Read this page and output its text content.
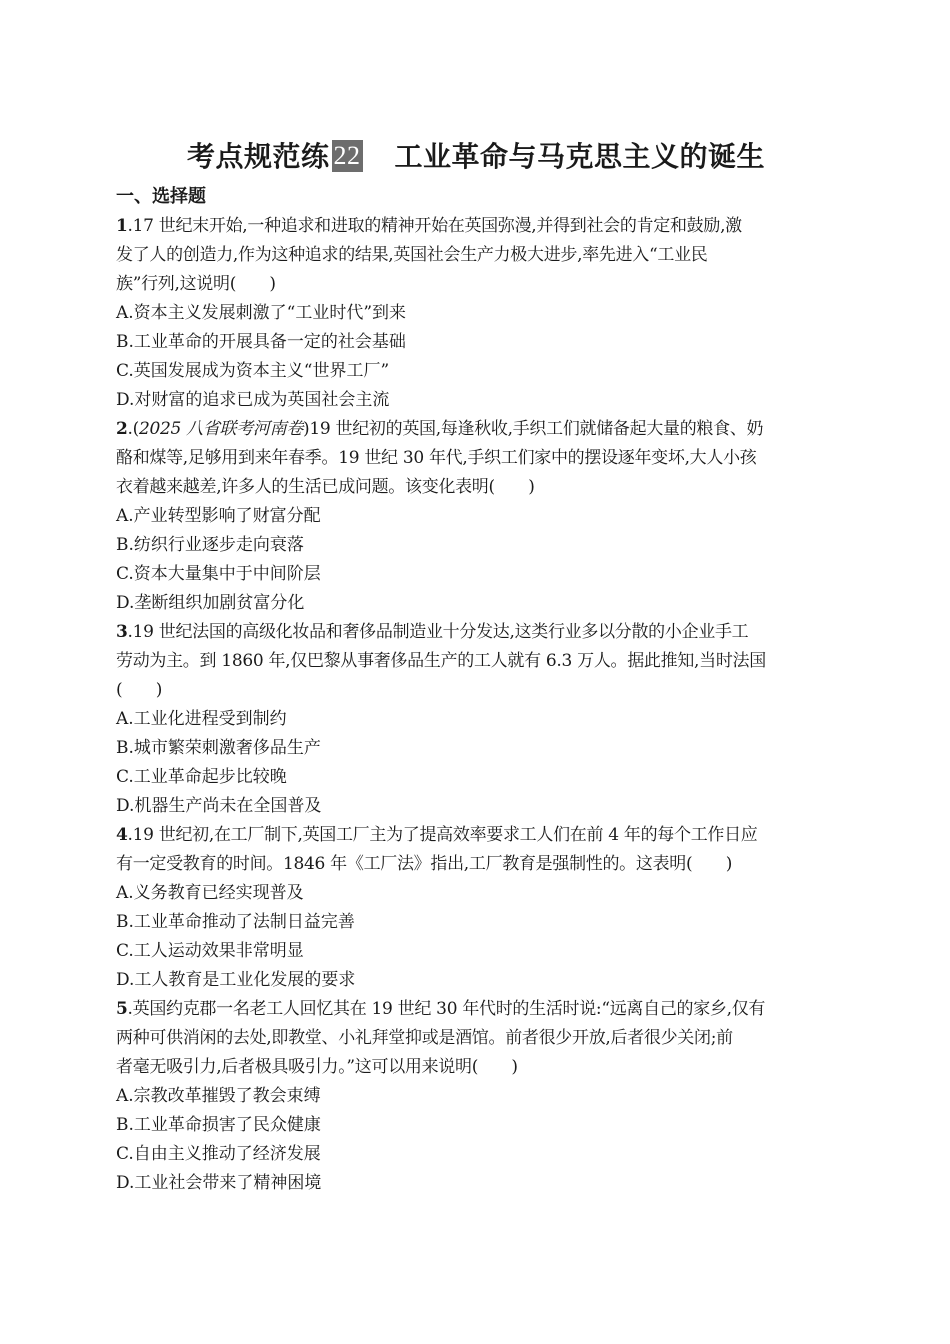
考点规范练 22 工业革命与马克思主义的诞生
一、选择题
1.17 世纪末开始,一种追求和进取的精神开始在英国弥漫,并得到社会的肯定和鼓励,激
发了人的创造力,作为这种追求的结果,英国社会生产力极大进步,率先进入“工业民
族”行列,这说明(　　)
A.资本主义发展刺激了“工业时代”到来
B.工业革命的开展具备一定的社会基础
C.英国发展成为资本主义“世界工厂”
D.对财富的追求已成为英国社会主流
2.(2025 八省联考河南卷)19 世纪初的英国,每逢秋收,手织工们就储备起大量的粮食、奶
酪和煤等,足够用到来年春季。19 世纪 30 年代,手织工们家中的摆设逐年变坏,大人小孩
衣着越来越差,许多人的生活已成问题。该变化表明(　　)
A.产业转型影响了财富分配
B.纺织行业逐步走向衰落
C.资本大量集中于中间阶层
D.垄断组织加剧贫富分化
3.19 世纪法国的高级化妆品和奢侈品制造业十分发达,这类行业多以分散的小企业手工
劳动为主。到 1860 年,仅巴黎从事奢侈品生产的工人就有 6.3 万人。据此推知,当时法国
(　　)
A.工业化进程受到制约
B.城市繁荣刺激奢侈品生产
C.工业革命起步比较晚
D.机器生产尚未在全国普及
4.19 世纪初,在工厂制下,英国工厂主为了提高效率要求工人们在前 4 年的每个工作日应
有一定受教育的时间。1846 年《工厂法》指出,工厂教育是强制性的。这表明(　　)
A.义务教育已经实现普及
B.工业革命推动了法制日益完善
C.工人运动效果非常明显
D.工人教育是工业化发展的要求
5.英国约克郡一名老工人回忆其在 19 世纪 30 年代时的生活时说:“远离自己的家乡,仅有
两种可供消闲的去处,即教堂、小礼拜堂抑或是酒馆。前者很少开放,后者很少关闭;前
者毫无吸引力,后者极具吸引力。”这可以用来说明(　　)
A.宗教改革摧毁了教会束缚
B.工业革命损害了民众健康
C.自由主义推动了经济发展
D.工业社会带来了精神困境
